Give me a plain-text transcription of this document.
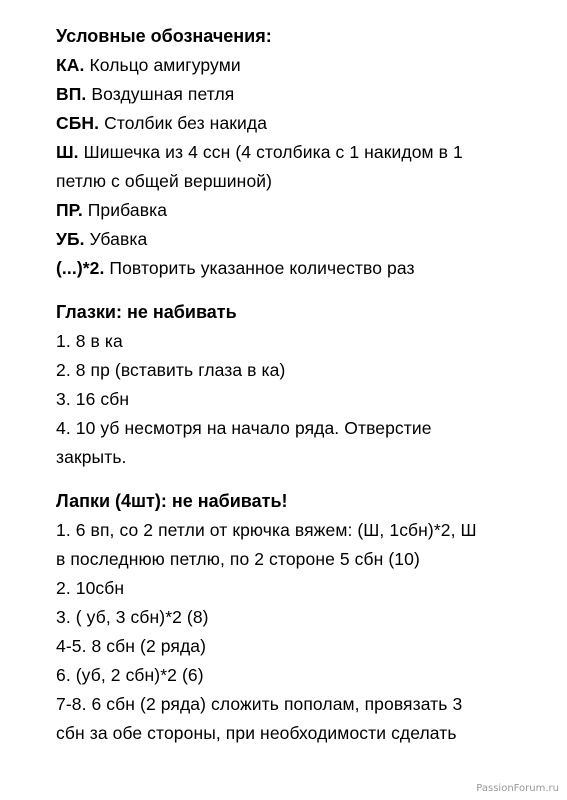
Условные обозначения:
КА. Кольцо амигуруми
ВП. Воздушная петля
СБН. Столбик без накида
Ш. Шишечка из 4 ссн (4 столбика с 1 накидом в 1
петлю с общей вершиной)
ПР. Прибавка
УБ. Убавка
(...)*2. Повторить указанное количество раз
Глазки: не набивать
1. 8 в ка
2. 8 пр (вставить глаза в ка)
3. 16 сбн
4. 10 уб несмотря на начало ряда. Отверстие
закрыть.
Лапки (4шт): не набивать!
1. 6 вп, со 2 петли от крючка вяжем: (Ш, 1сбн)*2, Ш
в последнюю петлю, по 2 стороне 5 сбн (10)
2. 10сбн
3. ( уб, 3 сбн)*2 (8)
4-5. 8 сбн (2 ряда)
6. (уб, 2 сбн)*2 (6)
7-8. 6 сбн (2 ряда) сложить пополам, провязать 3
сбн за обе стороны, при необходимости сделать
PassionForum.ru
